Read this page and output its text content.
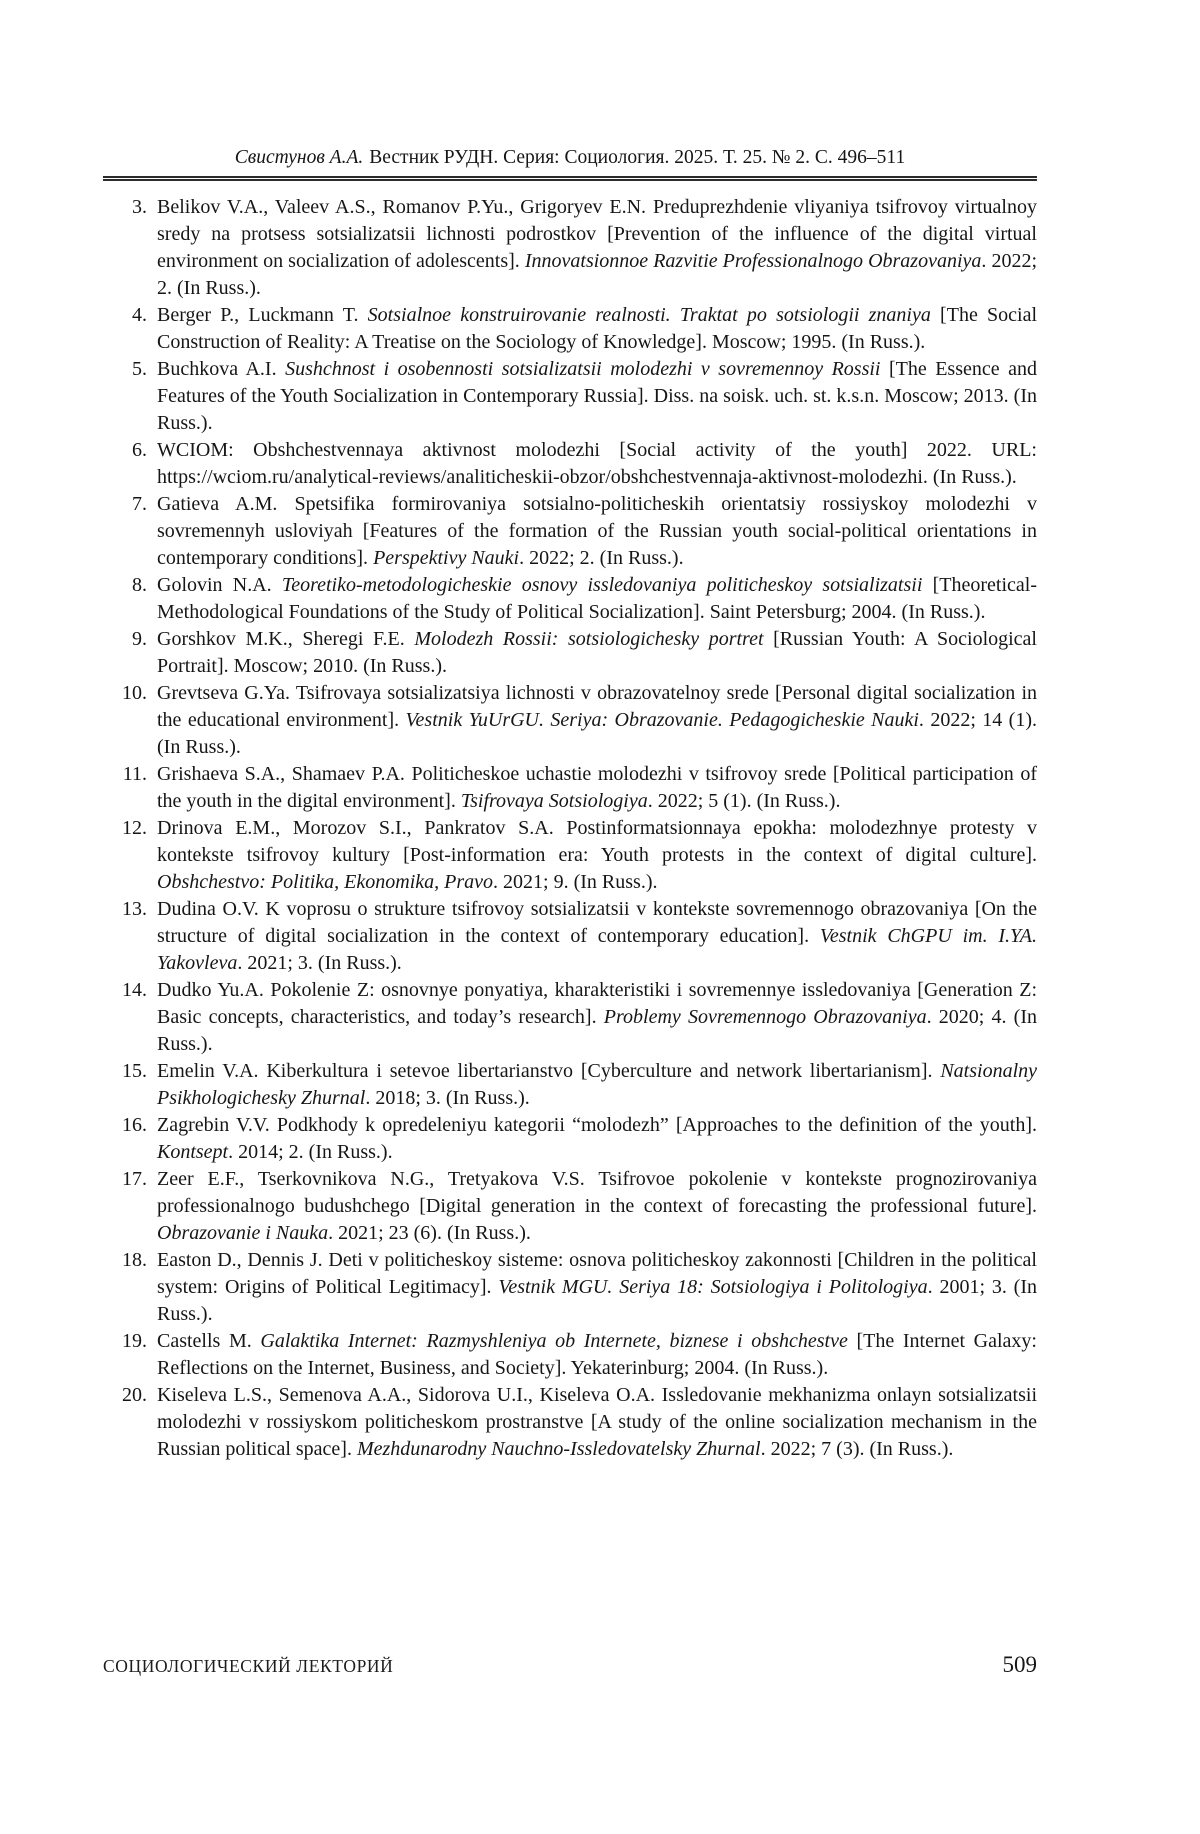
Свистунов А.А. Вестник РУДН. Серия: Социология. 2025. Т. 25. № 2. С. 496–511
3. Belikov V.A., Valeev A.S., Romanov P.Yu., Grigoryev E.N. Preduprezhdenie vliyaniya tsifrovoy virtualnoy sredy na protsess sotsializatsii lichnosti podrostkov [Prevention of the influence of the digital virtual environment on socialization of adolescents]. Innovatsionnoe Razvitie Professionalnogo Obrazovaniya. 2022; 2. (In Russ.).
4. Berger P., Luckmann T. Sotsialnoe konstruirovanie realnosti. Traktat po sotsiologii znaniya [The Social Construction of Reality: A Treatise on the Sociology of Knowledge]. Moscow; 1995. (In Russ.).
5. Buchkova A.I. Sushchnost i osobennosti sotsializatsii molodezhi v sovremennoy Rossii [The Essence and Features of the Youth Socialization in Contemporary Russia]. Diss. na soisk. uch. st. k.s.n. Moscow; 2013. (In Russ.).
6. WCIOM: Obshchestvennaya aktivnost molodezhi [Social activity of the youth] 2022. URL: https://wciom.ru/analytical-reviews/analiticheskii-obzor/obshchestvennaja-aktivnost-molodezhi. (In Russ.).
7. Gatieva A.M. Spetsifika formirovaniya sotsialno-politicheskih orientatsiy rossiyskoy molodezhi v sovremennyh usloviyah [Features of the formation of the Russian youth social-political orientations in contemporary conditions]. Perspektivy Nauki. 2022; 2. (In Russ.).
8. Golovin N.A. Teoretiko-metodologicheskie osnovy issledovaniya politicheskoy sotsializatsii [Theoretical-Methodological Foundations of the Study of Political Socialization]. Saint Petersburg; 2004. (In Russ.).
9. Gorshkov M.K., Sheregi F.E. Molodezh Rossii: sotsiologichesky portret [Russian Youth: A Sociological Portrait]. Moscow; 2010. (In Russ.).
10. Grevtseva G.Ya. Tsifrovaya sotsializatsiya lichnosti v obrazovatelnoy srede [Personal digital socialization in the educational environment]. Vestnik YuUrGU. Seriya: Obrazovanie. Pedagogicheskie Nauki. 2022; 14 (1). (In Russ.).
11. Grishaeva S.A., Shamaev P.A. Politicheskoe uchastie molodezhi v tsifrovoy srede [Political participation of the youth in the digital environment]. Tsifrovaya Sotsiologiya. 2022; 5 (1). (In Russ.).
12. Drinova E.M., Morozov S.I., Pankratov S.A. Postinformatsionnaya epokha: molodezhnye protesty v kontekste tsifrovoy kultury [Post-information era: Youth protests in the context of digital culture]. Obshchestvo: Politika, Ekonomika, Pravo. 2021; 9. (In Russ.).
13. Dudina O.V. K voprosu o strukture tsifrovoy sotsializatsii v kontekste sovremennogo obrazovaniya [On the structure of digital socialization in the context of contemporary education]. Vestnik ChGPU im. I.YA. Yakovleva. 2021; 3. (In Russ.).
14. Dudko Yu.A. Pokolenie Z: osnovnye ponyatiya, kharakteristiki i sovremennye issledovaniya [Generation Z: Basic concepts, characteristics, and today’s research]. Problemy Sovremennogo Obrazovaniya. 2020; 4. (In Russ.).
15. Emelin V.A. Kiberkultura i setevoe libertarianstvo [Cyberculture and network libertarianism]. Natsionalny Psikhologichesky Zhurnal. 2018; 3. (In Russ.).
16. Zagrebin V.V. Podkhody k opredeleniyu kategorii “molodezh” [Approaches to the definition of the youth]. Kontsept. 2014; 2. (In Russ.).
17. Zeer E.F., Tserkovnikova N.G., Tretyakova V.S. Tsifrovoe pokolenie v kontekste prognozirovaniya professionalnogo budushchego [Digital generation in the context of forecasting the professional future]. Obrazovanie i Nauka. 2021; 23 (6). (In Russ.).
18. Easton D., Dennis J. Deti v politicheskoy sisteme: osnova politicheskoy zakonnosti [Children in the political system: Origins of Political Legitimacy]. Vestnik MGU. Seriya 18: Sotsiologiya i Politologiya. 2001; 3. (In Russ.).
19. Castells M. Galaktika Internet: Razmyshleniya ob Internete, biznese i obshchestve [The Internet Galaxy: Reflections on the Internet, Business, and Society]. Yekaterinburg; 2004. (In Russ.).
20. Kiseleva L.S., Semenova A.A., Sidorova U.I., Kiseleva O.A. Issledovanie mekhanizma onlayn sotsializatsii molodezhi v rossiyskom politicheskom prostranstve [A study of the online socialization mechanism in the Russian political space]. Mezhdunarodny Nauchno-Issledovatelsky Zhurnal. 2022; 7 (3). (In Russ.).
СОЦИОЛОГИЧЕСКИЙ ЛЕКТОРИЙ	509
